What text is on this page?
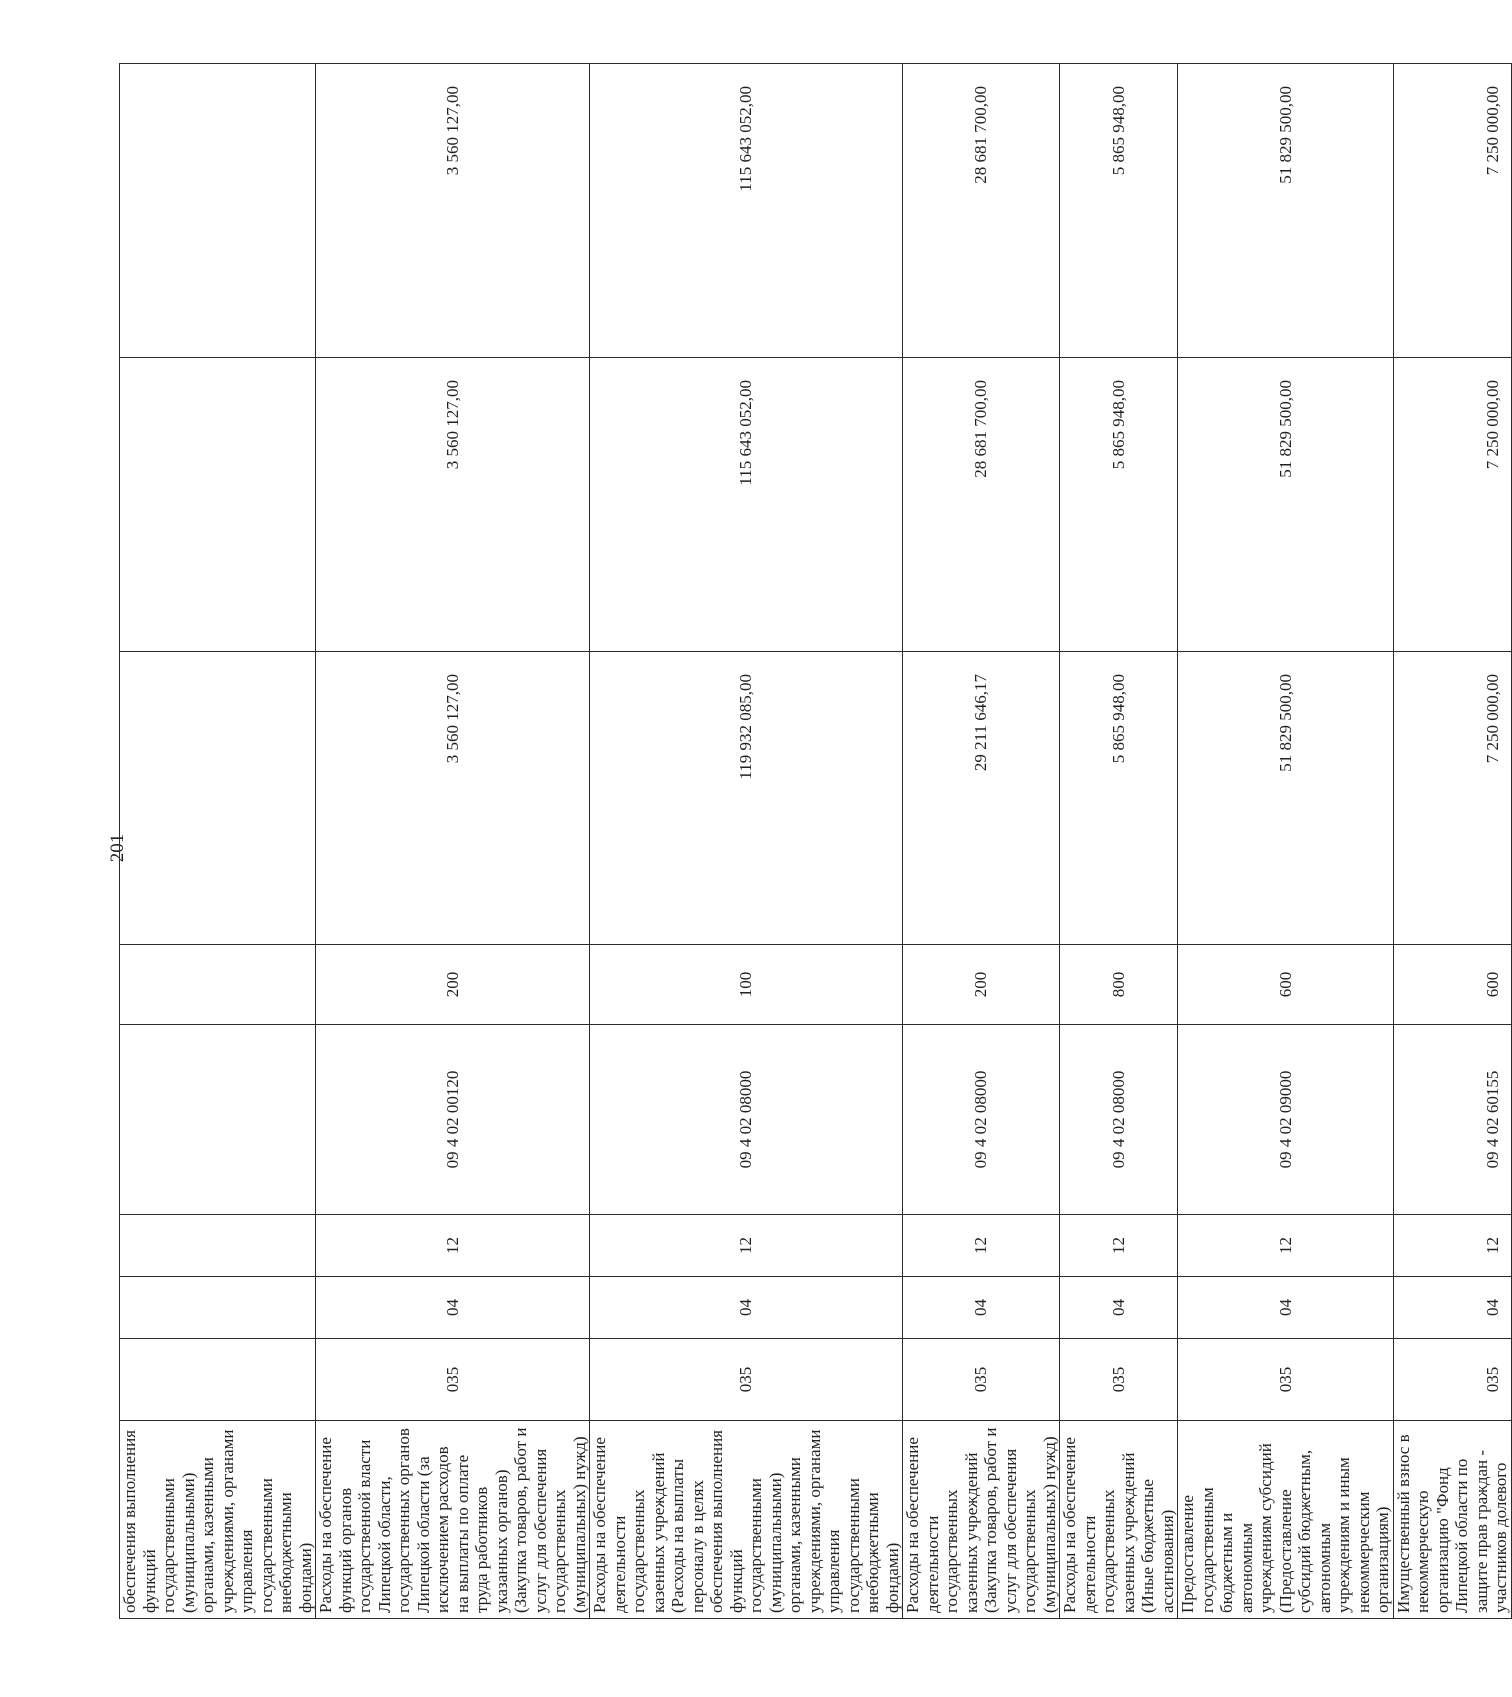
201
обеспечения выполнения функций государственными (муниципальными) органами, казенными учреждениями, органами управления государственными внебюджетными фондами)								
Расходы на обеспечение функций органов государственной власти Липецкой области, государственных органов Липецкой области (за исключением расходов на выплаты по оплате труда работников указанных органов) (Закупка товаров, работ и услуг для обеспечения государственных (муниципальных) нужд)	035	04	12	09 4 02 00120	200	3 560 127,00	3 560 127,00	3 560 127,00
Расходы на обеспечение деятельности государственных казенных учреждений (Расходы на выплаты персоналу в целях обеспечения выполнения функций государственными (муниципальными) органами, казенными учреждениями, органами управления государственными внебюджетными фондами)	035	04	12	09 4 02 08000	100	119 932 085,00	115 643 052,00	115 643 052,00
Расходы на обеспечение деятельности государственных казенных учреждений (Закупка товаров, работ и услуг для обеспечения государственных (муниципальных) нужд)	035	04	12	09 4 02 08000	200	29 211 646,17	28 681 700,00	28 681 700,00
Расходы на обеспечение деятельности государственных казенных учреждений (Иные бюджетные ассигнования)	035	04	12	09 4 02 08000	800	5 865 948,00	5 865 948,00	5 865 948,00
Предоставление государственным бюджетным и автономным учреждениям субсидий (Предоставление субсидий бюджетным, автономным учреждениям и иным некоммерческим организациям)	035	04	12	09 4 02 09000	600	51 829 500,00	51 829 500,00	51 829 500,00
Имущественный взнос в некоммерческую организацию "Фонд Липецкой области по защите прав граждан - участников долевого	035	04	12	09 4 02 60155	600	7 250 000,00	7 250 000,00	7 250 000,00
